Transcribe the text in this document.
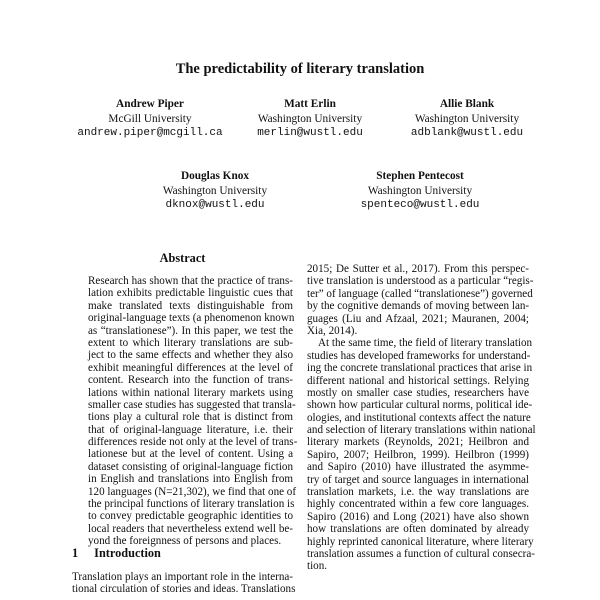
The predictability of literary translation
Andrew Piper
McGill University
andrew.piper@mcgill.ca
Matt Erlin
Washington University
merlin@wustl.edu
Allie Blank
Washington University
adblank@wustl.edu
Douglas Knox
Washington University
dknox@wustl.edu
Stephen Pentecost
Washington University
spenteco@wustl.edu
Abstract
Research has shown that the practice of trans-
lation exhibits predictable linguistic cues that
make translated texts distinguishable from
original-language texts (a phenomenon known
as “translationese”). In this paper, we test the
extent to which literary translations are sub-
ject to the same effects and whether they also
exhibit meaningful differences at the level of
content. Research into the function of trans-
lations within national literary markets using
smaller case studies has suggested that transla-
tions play a cultural role that is distinct from
that of original-language literature, i.e. their
differences reside not only at the level of trans-
lationese but at the level of content. Using a
dataset consisting of original-language fiction
in English and translations into English from
120 languages (N=21,302), we find that one of
the principal functions of literary translation is
to convey predictable geographic identities to
local readers that nevertheless extend well be-
yond the foreignness of persons and places.
1 Introduction
Translation plays an important role in the interna-
tional circulation of stories and ideas. Translations
2015; De Sutter et al., 2017). From this perspec-
tive translation is understood as a particular “regis-
ter” of language (called “translationese”) governed
by the cognitive demands of moving between lan-
guages (Liu and Afzaal, 2021; Mauranen, 2004;
Xia, 2014).
At the same time, the field of literary translation
studies has developed frameworks for understand-
ing the concrete translational practices that arise in
different national and historical settings. Relying
mostly on smaller case studies, researchers have
shown how particular cultural norms, political ide-
ologies, and institutional contexts affect the nature
and selection of literary translations within national
literary markets (Reynolds, 2021; Heilbron and
Sapiro, 2007; Heilbron, 1999). Heilbron (1999)
and Sapiro (2010) have illustrated the asymme-
try of target and source languages in international
translation markets, i.e. the way translations are
highly concentrated within a few core languages.
Sapiro (2016) and Long (2021) have also shown
how translations are often dominated by already
highly reprinted canonical literature, where literary
translation assumes a function of cultural consecra-
tion.
